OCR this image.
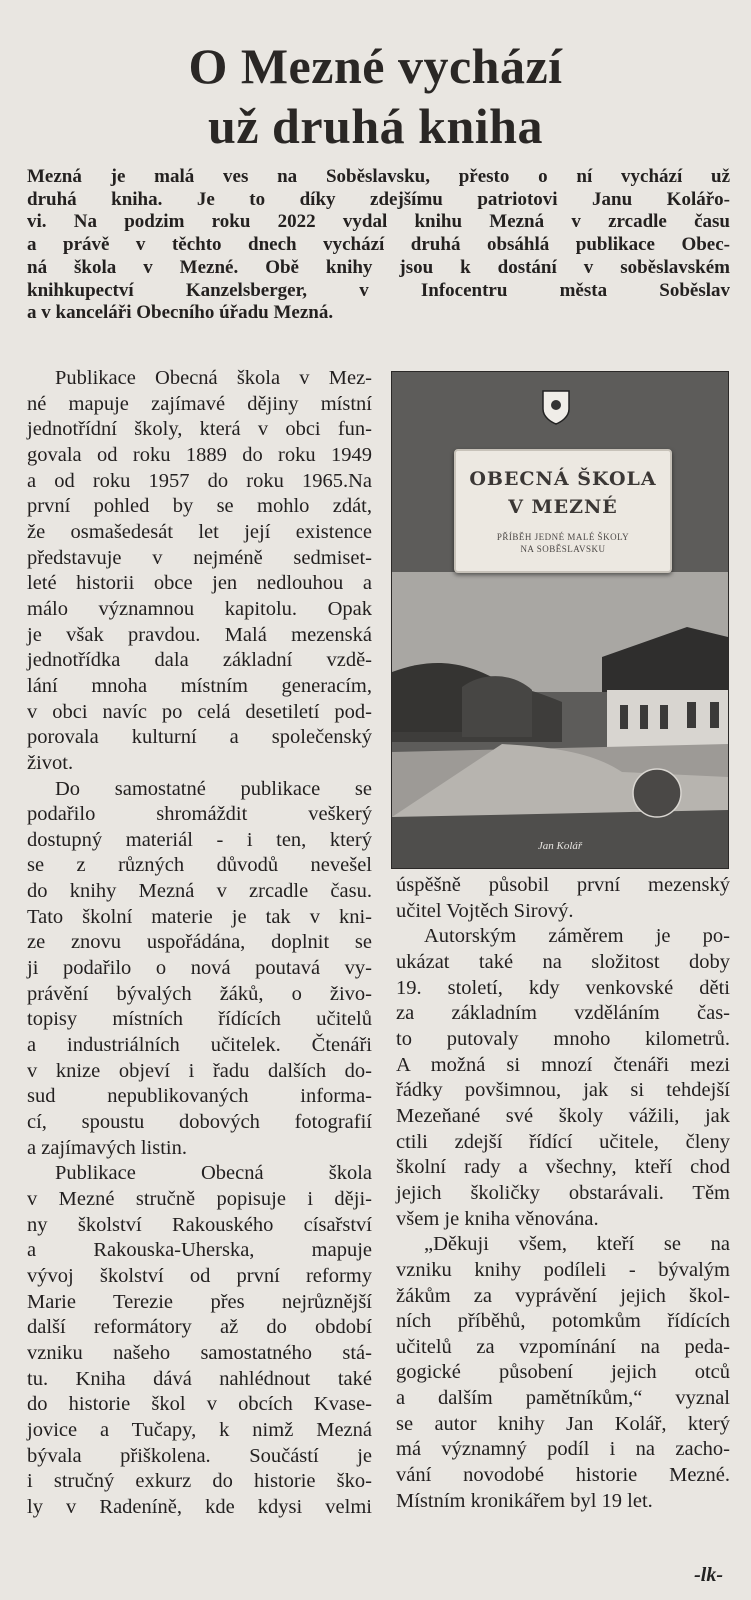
O Mezné vychází
už druhá kniha
Mezná je malá ves na Soběslavsku, přesto o ní vychází už
druhá kniha. Je to díky zdejšímu patriotovi Janu Kolářo-
vi. Na podzim roku 2022 vydal knihu Mezná v zrcadle času
a právě v těchto dnech vychází druhá obsáhlá publikace Obec-
ná škola v Mezné. Obě knihy jsou k dostání v soběslavském
knihkupectví Kanzelsberger, v Infocentru města Soběslav
a v kanceláři Obecního úřadu Mezná.
Publikace Obecná škola v Mez-
né mapuje zajímavé dějiny místní
jednotřídní školy, která v obci fun-
govala od roku 1889 do roku 1949
a od roku 1957 do roku 1965.Na
první pohled by se mohlo zdát,
že osmašedesát let její existence
představuje v nejméně sedmiset-
leté historii obce jen nedlouhou a
málo významnou kapitolu. Opak
je však pravdou. Malá mezenská
jednotřídka dala základní vzdě-
lání mnoha místním generacím,
v obci navíc po celá desetiletí pod-
porovala kulturní a společenský
život.
Do samostatné publikace se
podařilo shromáždit veškerý
dostupný materiál - i ten, který
se z různých důvodů nevešel
do knihy Mezná v zrcadle času.
Tato školní materie je tak v kni-
ze znovu uspořádána, doplnit se
ji podařilo o nová poutavá vy-
právění bývalých žáků, o živo-
topisy místních řídících učitelů
a industriálních učitelek. Čtenáři
v knize objeví i řadu dalších do-
sud nepublikovaných informa-
cí, spoustu dobových fotografií
a zajímavých listin.
Publikace Obecná škola
v Mezné stručně popisuje i ději-
ny školství Rakouského císařství
a Rakouska-Uherska, mapuje
vývoj školství od první reformy
Marie Terezie přes nejrůznější
další reformátory až do období
vzniku našeho samostatného stá-
tu. Kniha dává nahlédnout také
do historie škol v obcích Kvase-
jovice a Tučapy, k nimž Mezná
bývala přiškolena. Součástí je
i stručný exkurz do historie ško-
ly v Radeníně, kde kdysi velmi
OBECNÁ ŠKOLA
V MEZNÉ
PŘÍBĚH JEDNÉ MALÉ ŠKOLY
NA SOBĚSLAVSKU
Jan Kolář
úspěšně působil první mezenský
učitel Vojtěch Sirový.
Autorským záměrem je po-
ukázat také na složitost doby
19. století, kdy venkovské děti
za základním vzděláním čas-
to putovaly mnoho kilometrů.
A možná si mnozí čtenáři mezi
řádky povšimnou, jak si tehdejší
Mezeňané své školy vážili, jak
ctili zdejší řídící učitele, členy
školní rady a všechny, kteří chod
jejich školičky obstarávali. Těm
všem je kniha věnována.
„Děkuji všem, kteří se na
vzniku knihy podíleli - bývalým
žákům za vyprávění jejich škol-
ních příběhů, potomkům řídících
učitelů za vzpomínání na peda-
gogické působení jejich otců
a dalším pamětníkům,“ vyznal
se autor knihy Jan Kolář, který
má významný podíl i na zacho-
vání novodobé historie Mezné.
Místním kronikářem byl 19 let.
-lk-
